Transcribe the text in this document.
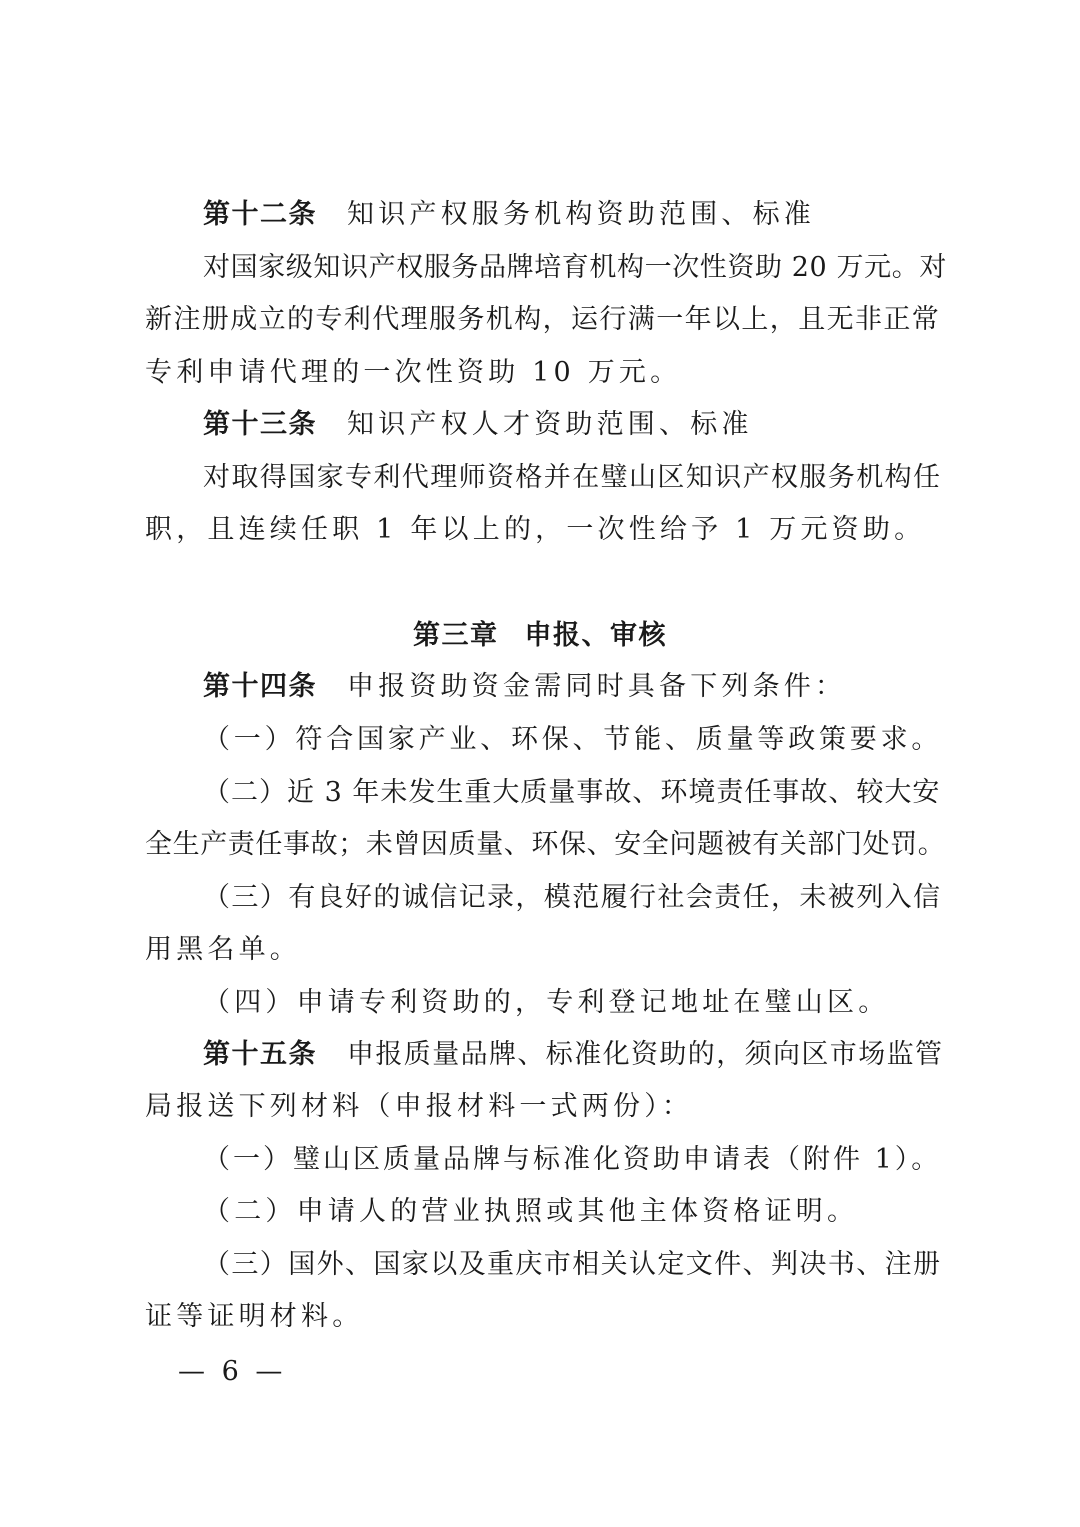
第十二条 知识产权服务机构资助范围、标准
对国家级知识产权服务品牌培育机构一次性资助 20 万元。对
新注册成立的专利代理服务机构，运行满一年以上，且无非正常
专利申请代理的一次性资助 10 万元。
第十三条 知识产权人才资助范围、标准
对取得国家专利代理师资格并在璧山区知识产权服务机构任
职，且连续任职 1 年以上的，一次性给予 1 万元资助。
第三章 申报、审核
第十四条 申报资助资金需同时具备下列条件：
（一）符合国家产业、环保、节能、质量等政策要求。
（二）近 3 年未发生重大质量事故、环境责任事故、较大安
全生产责任事故；未曾因质量、环保、安全问题被有关部门处罚。
（三）有良好的诚信记录，模范履行社会责任，未被列入信
用黑名单。
（四）申请专利资助的，专利登记地址在璧山区。
第十五条 申报质量品牌、标准化资助的，须向区市场监管
局报送下列材料（申报材料一式两份）：
（一）璧山区质量品牌与标准化资助申请表（附件 1）。
（二）申请人的营业执照或其他主体资格证明。
（三）国外、国家以及重庆市相关认定文件、判决书、注册
证等证明材料。
— 6 —
